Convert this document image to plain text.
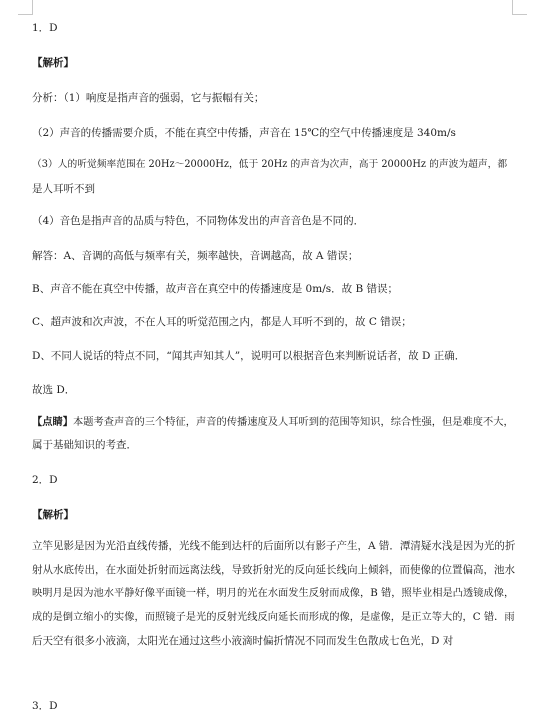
1．D
【解析】
分析：（1）响度是指声音的强弱，它与振幅有关；
（2）声音的传播需要介质，不能在真空中传播，声音在 15℃的空气中传播速度是 340m/s
（3）人的听觉频率范围在 20Hz～20000Hz，低于 20Hz 的声音为次声，高于 20000Hz 的声波为超声，都
是人耳听不到
（4）音色是指声音的品质与特色，不同物体发出的声音音色是不同的．
解答：A、音调的高低与频率有关，频率越快，音调越高，故 A 错误；
B、声音不能在真空中传播，故声音在真空中的传播速度是 0m/s．故 B 错误；
C、超声波和次声波，不在人耳的听觉范围之内，都是人耳听不到的，故 C 错误；
D、不同人说话的特点不同，“闻其声知其人”，说明可以根据音色来判断说话者，故 D 正确．
故选 D．
【点睛】本题考查声音的三个特征，声音的传播速度及人耳听到的范围等知识，综合性强，但是难度不大，
属于基础知识的考查．
2．D
【解析】
立竿见影是因为光沿直线传播，光线不能到达杆的后面所以有影子产生，A 错．潭清疑水浅是因为光的折
射从水底传出，在水面处折射而远离法线，导致折射光的反向延长线向上倾斜，而使像的位置偏高，池水
映明月是因为池水平静好像平面镜一样，明月的光在水面发生反射而成像，B 错，照毕业相是凸透镜成像，
成的是倒立缩小的实像，而照镜子是光的反射光线反向延长而形成的像，是虚像，是正立等大的，C 错．雨
后天空有很多小液滴，太阳光在通过这些小液滴时偏折情况不同而发生色散成七色光，D 对
3．D
